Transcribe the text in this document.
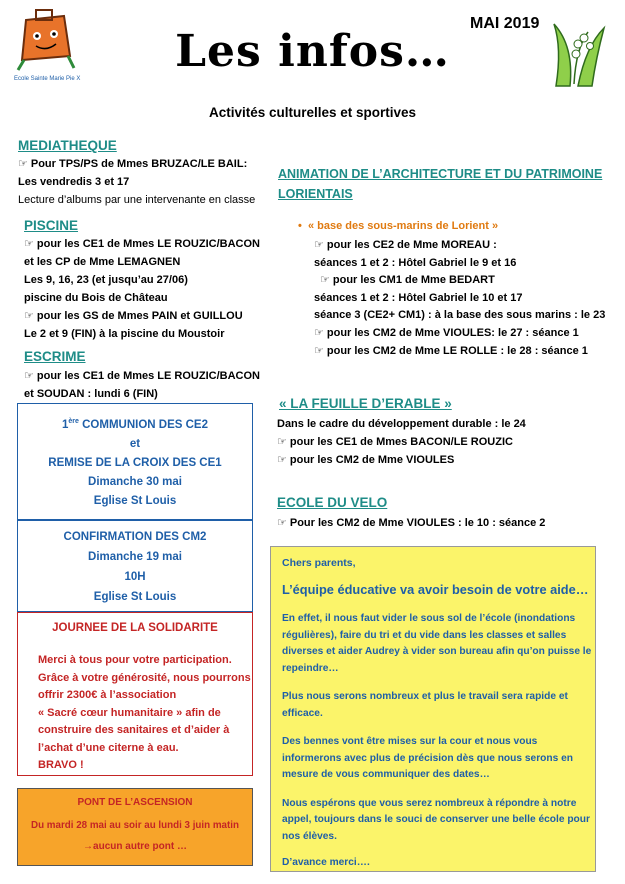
Ecole Sainte Marie Pie X
MAI 2019
Les infos…
Activités culturelles et sportives
MEDIATHEQUE
☞ Pour TPS/PS de Mmes BRUZAC/LE BAIL:
Les vendredis 3 et 17
Lecture d’albums par une intervenante en classe
PISCINE
☞ pour les CE1 de Mmes LE ROUZIC/BACON
et les CP de Mme LEMAGNEN
Les 9, 16, 23 (et jusqu’au 27/06)
piscine du Bois de Château
☞ pour les GS de Mmes PAIN et GUILLOU
Le 2 et 9 (FIN) à la piscine du Moustoir
ESCRIME
☞ pour les CE1 de Mmes LE ROUZIC/BACON
et SOUDAN : lundi 6 (FIN)
1ère COMMUNION DES CE2
et
REMISE DE LA CROIX DES CE1
Dimanche 30 mai
Eglise St Louis
CONFIRMATION DES CM2
Dimanche 19 mai
10H
Eglise St Louis
JOURNEE DE LA SOLIDARITE
Merci à tous pour votre participation.
Grâce à votre générosité, nous pourrons
offrir 2300€ à l’association
« Sacré cœur humanitaire » afin de
construire des sanitaires et d’aider à
l’achat d’une citerne à eau.
BRAVO !
PONT DE L’ASCENSION
Du mardi 28 mai au soir au lundi 3 juin matin
→aucun autre pont …
ANIMATION DE L’ARCHITECTURE ET DU PATRIMOINE
LORIENTAIS
•  « base des sous-marins de Lorient »
☞ pour les CE2 de Mme MOREAU :
séances 1 et 2 : Hôtel Gabriel le 9 et 16
☞ pour les CM1 de Mme BEDART
séances 1 et 2 : Hôtel Gabriel le 10 et 17
séance 3 (CE2+ CM1) : à la base des sous marins : le 23
☞ pour les CM2 de Mme VIOULES: le 27 : séance 1
☞ pour les CM2 de Mme LE ROLLE : le 28 : séance 1
« LA FEUILLE D’ERABLE »
Dans le cadre du développement durable : le 24
☞ pour les CE1 de Mmes BACON/LE ROUZIC
☞ pour les CM2 de Mme VIOULES
ECOLE DU VELO
☞ Pour les CM2 de Mme VIOULES : le 10 : séance 2
Chers parents,
L’équipe éducative va avoir besoin de votre aide…
En effet, il nous faut vider le sous sol de l’école (inondations
régulières), faire du tri et du vide dans les classes et salles
diverses et aider Audrey à vider son bureau afin qu’on puisse le
repeindre…
Plus nous serons nombreux et plus le travail sera rapide et
efficace.
Des bennes vont être mises sur la cour et nous vous
informerons avec plus de précision dès que nous serons en
mesure de vous communiquer des dates…
Nous espérons que vous serez nombreux à répondre à notre
appel, toujours dans le souci de conserver une belle école pour
nos élèves.
D’avance merci….
